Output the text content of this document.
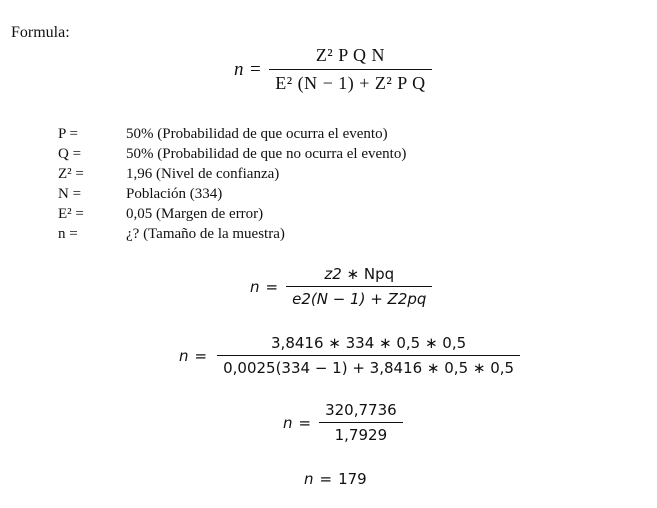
Formula:
$n = \frac{\text{Z² P Q N}}{\text{E² (N − 1) + Z² P Q}}$
P =	50% (Probabilidad de que ocurra el evento)
Q =	50% (Probabilidad de que no ocurra el evento)
Z² =	1,96 (Nivel de confianza)
N =	Población (334)
E² =	0,05 (Margen de error)
n =	¿? (Tamaño de la muestra)
$n = \frac{\text{z2 ∗ Npq}}{e2(N - 1) + Z2pq}$
$n = \frac{3,8416 ∗ 334 ∗ 0,5 ∗ 0,5}{0,0025(334 - 1) + 3,8416 ∗ 0,5 ∗ 0,5}$
$n = \frac{320,7736}{1,7929}$
n = 179
